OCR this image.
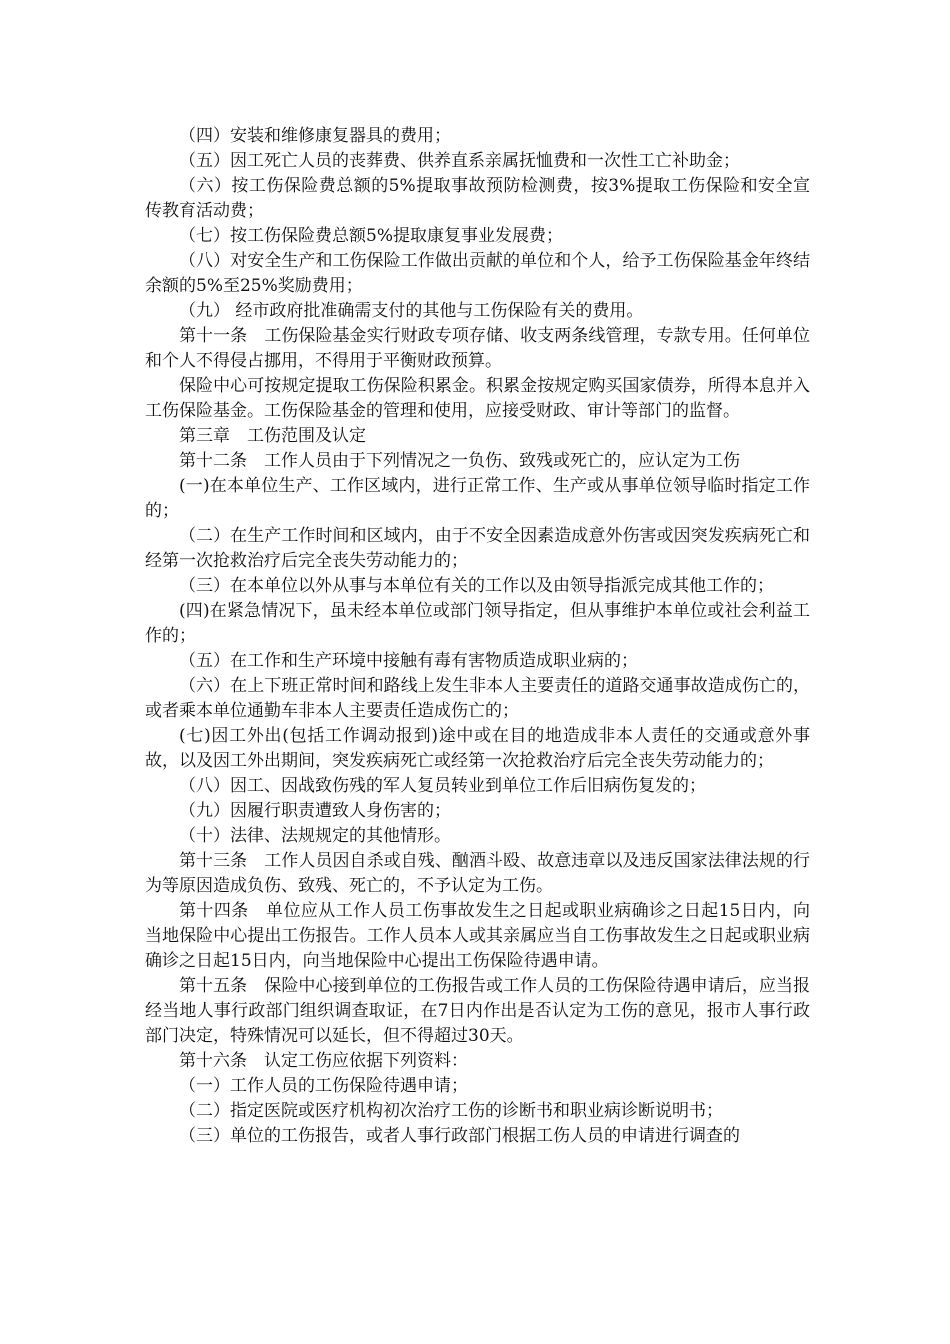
（四）安装和维修康复器具的费用；

（五）因工死亡人员的丧葬费、供养直系亲属抚恤费和一次性工亡补助金；

（六）按工伤保险费总额的5%提取事故预防检测费，按3%提取工伤保险和安全宣传教育活动费；

（七）按工伤保险费总额5%提取康复事业发展费；

（八）对安全生产和工伤保险工作做出贡献的单位和个人，给予工伤保险基金年终结余额的5%至25%奖励费用；

（九） 经市政府批准确需支付的其他与工伤保险有关的费用。

第十一条　工伤保险基金实行财政专项存储、收支两条线管理，专款专用。任何单位和个人不得侵占挪用，不得用于平衡财政预算。

保险中心可按规定提取工伤保险积累金。积累金按规定购买国家债券，所得本息并入工伤保险基金。工伤保险基金的管理和使用，应接受财政、审计等部门的监督。

第三章　工伤范围及认定

第十二条　工作人员由于下列情况之一负伤、致残或死亡的，应认定为工伤

(一)在本单位生产、工作区域内，进行正常工作、生产或从事单位领导临时指定工作的；

（二）在生产工作时间和区域内，由于不安全因素造成意外伤害或因突发疾病死亡和经第一次抢救治疗后完全丧失劳动能力的；

（三）在本单位以外从事与本单位有关的工作以及由领导指派完成其他工作的；

(四)在紧急情况下，虽未经本单位或部门领导指定，但从事维护本单位或社会利益工作的；

（五）在工作和生产环境中接触有毒有害物质造成职业病的；

（六）在上下班正常时间和路线上发生非本人主要责任的道路交通事故造成伤亡的，或者乘本单位通勤车非本人主要责任造成伤亡的；

(七)因工外出(包括工作调动报到)途中或在目的地造成非本人责任的交通或意外事故，以及因工外出期间，突发疾病死亡或经第一次抢救治疗后完全丧失劳动能力的；

（八）因工、因战致伤残的军人复员转业到单位工作后旧病伤复发的；

（九）因履行职责遭致人身伤害的；

（十）法律、法规规定的其他情形。

第十三条　工作人员因自杀或自残、酗酒斗殴、故意违章以及违反国家法律法规的行为等原因造成负伤、致残、死亡的，不予认定为工伤。

第十四条　单位应从工作人员工伤事故发生之日起或职业病确诊之日起15日内，向当地保险中心提出工伤报告。工作人员本人或其亲属应当自工伤事故发生之日起或职业病确诊之日起15日内，向当地保险中心提出工伤保险待遇申请。

第十五条　保险中心接到单位的工伤报告或工作人员的工伤保险待遇申请后，应当报经当地人事行政部门组织调查取证，在7日内作出是否认定为工伤的意见，报市人事行政部门决定，特殊情况可以延长，但不得超过30天。

第十六条　认定工伤应依据下列资料：

（一）工作人员的工伤保险待遇申请；

（二）指定医院或医疗机构初次治疗工伤的诊断书和职业病诊断说明书；

（三）单位的工伤报告，或者人事行政部门根据工伤人员的申请进行调查的
